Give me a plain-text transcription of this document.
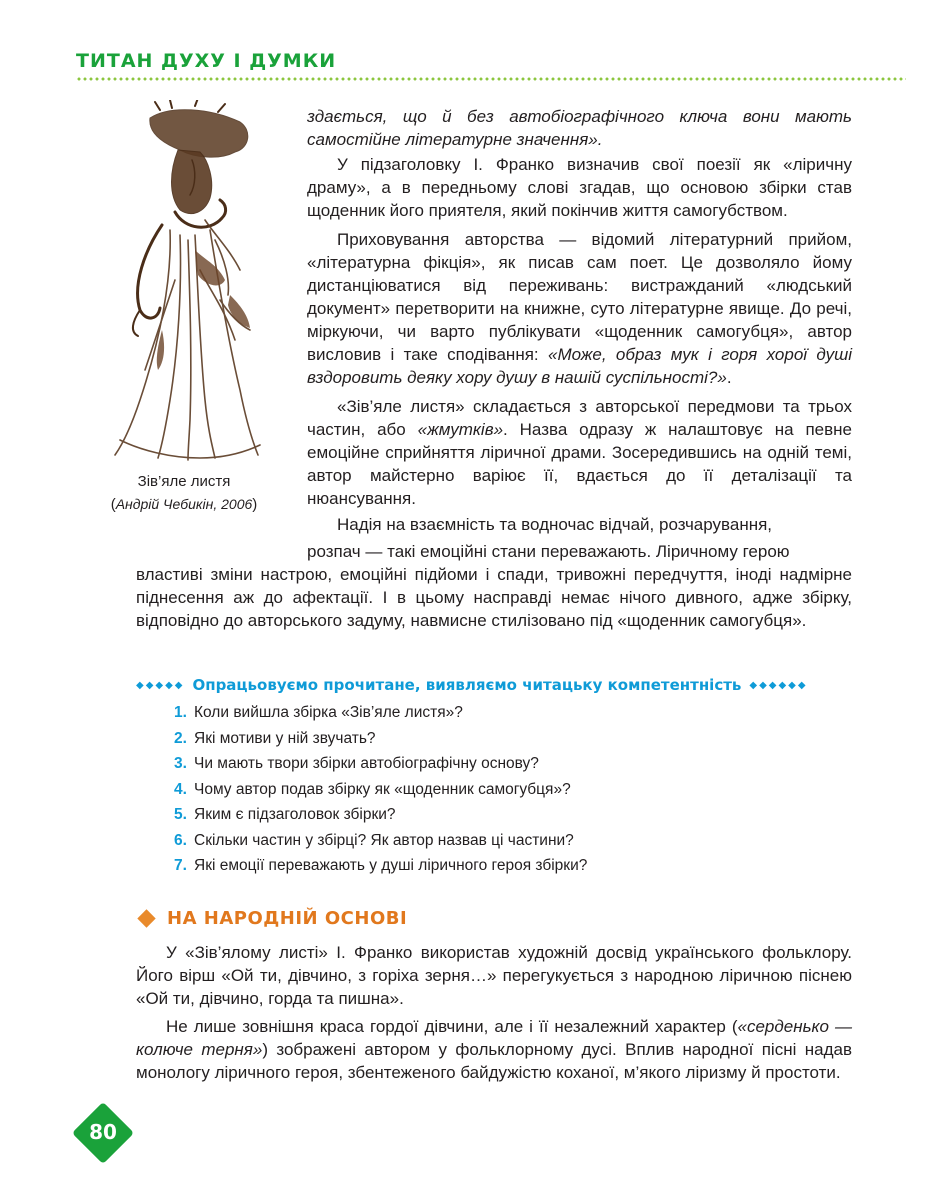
ТИТАН ДУХУ І ДУМКИ
Зів’яле листя
(Андрій Чебикін, 2006)

здається, що й без автобіографічного ключа вони мають самостійне літературне значення».

У підзаголовку І. Франко визначив свої поезії як «ліричну драму», а в передньому слові згадав, що основою збірки став щоденник його приятеля, який покінчив життя самогубством.

Приховування авторства — відомий літературний прийом, «літературна фікція», як писав сам поет. Це дозволяло йому дистанціюватися від переживань: вистражданий «людський документ» перетворити на книжне, суто літературне явище. До речі, міркуючи, чи варто публікувати «щоденник самогубця», автор висловив і таке сподівання: «Може, образ мук і горя хорої душі вздоровить деяку хору душу в нашій суспільності?».

«Зів’яле листя» складається з авторської передмови та трьох частин, або «жмутків». Назва одразу ж налаштовує на певне емоційне сприйняття ліричної драми. Зосередившись на одній темі, автор майстерно варіює її, вдається до її деталізації та нюансування.

Надія на взаємність та водночас відчай, розчарування,

розпач — такі емоційні стани переважають. Ліричному герою

властиві зміни настрою, емоційні підйоми і спади, тривожні передчуття, іноді надмірне піднесення аж до афектації. І в цьому насправді немає нічого дивного, адже збірку, відповідно до авторського задуму, навмисне стилізовано під «щоденник самогубця».

◆◆◆◆◆ Опрацьовуємо прочитане, виявляємо читацьку компетентність ◆◆◆◆◆◆
1. Коли вийшла збірка «Зів’яле листя»?
2. Які мотиви у ній звучать?
3. Чи мають твори збірки автобіографічну основу?
4. Чому автор подав збірку як «щоденник самогубця»?
5. Яким є підзаголовок збірки?
6. Скільки частин у збірці? Як автор назвав ці частини?
7. Які емоції переважають у душі ліричного героя збірки?
НА НАРОДНІЙ ОСНОВІ

У «Зів’ялому листі» І. Франко використав художній досвід українського фольклору. Його вірш «Ой ти, дівчино, з горіха зерня…» перегукується з народною ліричною піснею «Ой ти, дівчино, горда та пишна».

Не лише зовнішня краса гордої дівчини, але і її незалежний характер («серденько — колюче терня») зображені автором у фольклорному дусі. Вплив народної пісні надав монологу ліричного героя, збентеженого байдужістю коханої, м’якого ліризму й простоти.

80
